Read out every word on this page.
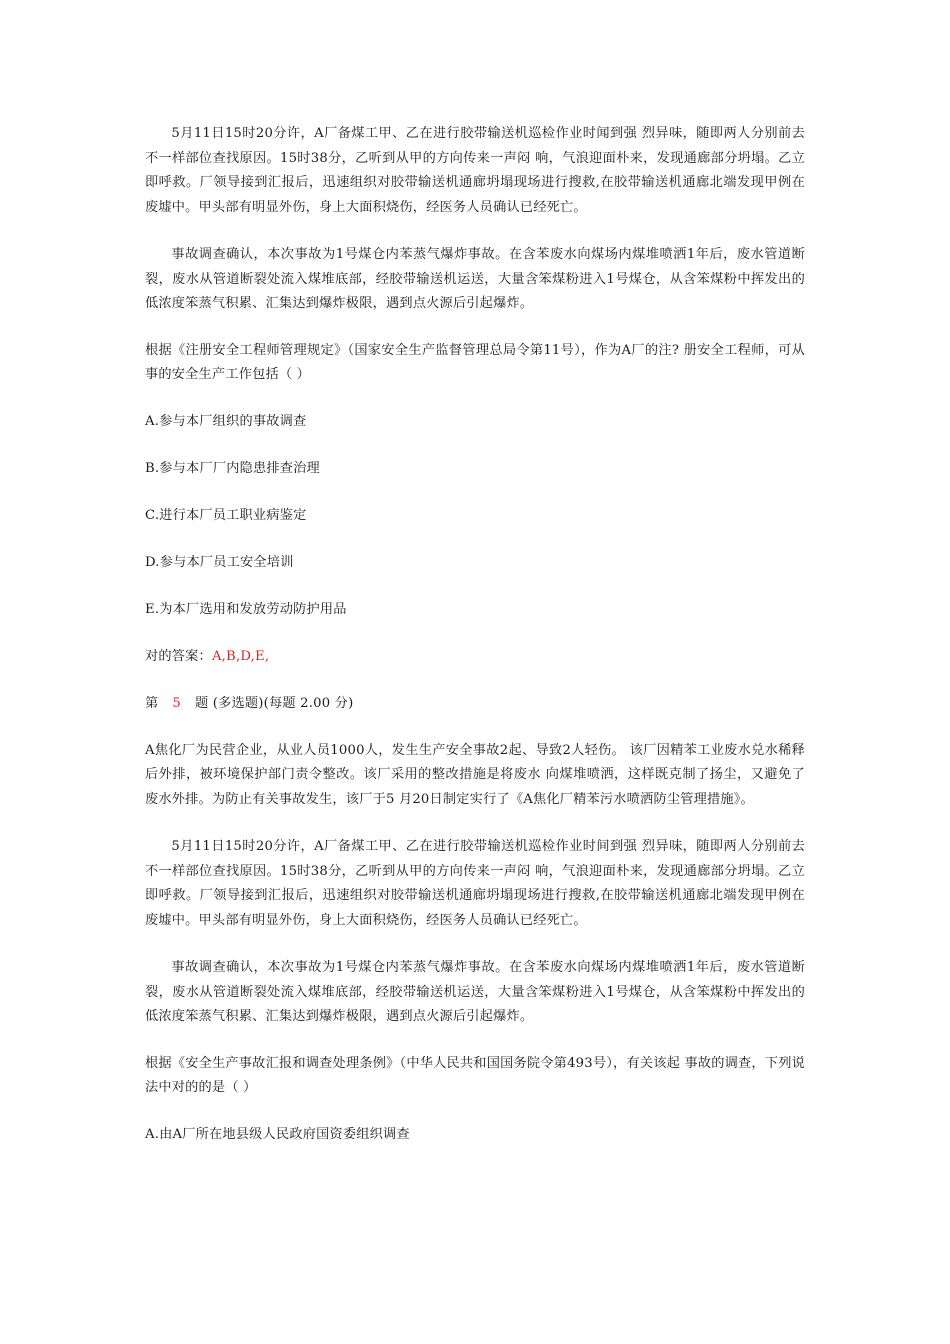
5月11日15时20分许，A厂备煤工甲、乙在进行胶带输送机巡检作业时闻到强 烈异味，随即两人分别前去不一样部位查找原因。15时38分，乙听到从甲的方向传来一声闷 响，气浪迎面朴来，发现通廊部分坍塌。乙立即呼救。厂领导接到汇报后，迅速组织对胶带输送机通廊坍塌现场进行搜救,在胶带输送机通廊北端发现甲例在废墟中。甲头部有明显外伤，身上大面积烧伤，经医务人员确认已经死亡。

事故调查确认，本次事故为1号煤仓内苯蒸气爆炸事故。在含苯废水向煤场内煤堆喷洒1年后，废水管道断裂，废水从管道断裂处流入煤堆底部，经胶带输送机运送，大量含笨煤粉进入1号煤仓，从含笨煤粉中挥发出的低浓度笨蒸气积累、汇集达到爆炸极限，遇到点火源后引起爆炸。

根据《注册安全工程师管理规定》（国家安全生产监督管理总局令第11号），作为A厂的注? 册安全工程师，可从事的安全生产工作包括（ ）

A.参与本厂组织的事故调查

B.参与本厂厂内隐患排查治理

C.进行本厂员工职业病鉴定

D.参与本厂员工安全培训

E.为本厂选用和发放劳动防护用品

对的答案：A,B,D,E,

第 5 题 (多选题)(每题 2.00 分)

A焦化厂为民营企业，从业人员1000人，发生生产安全事故2起、导致2人轻伤。 该厂因精苯工业废水兑水稀释后外排，被环境保护部门责令整改。该厂采用的整改措施是将废水 向煤堆喷洒，这样既克制了扬尘，又避免了废水外排。为防止有关事故发生，该厂于5 月20日制定实行了《A焦化厂精苯污水喷洒防尘管理措施》。

5月11日15时20分许，A厂备煤工甲、乙在进行胶带输送机巡检作业时间到强 烈异味，随即两人分别前去不一样部位查找原因。15时38分，乙听到从甲的方向传来一声闷 响，气浪迎面朴来，发现通廊部分坍塌。乙立即呼救。厂领导接到汇报后，迅速组织对胶带输送机通廊坍塌现场进行搜救,在胶带输送机通廊北端发现甲例在废墟中。甲头部有明显外伤，身上大面积烧伤，经医务人员确认已经死亡。

事故调查确认，本次事故为1号煤仓内苯蒸气爆炸事故。在含苯废水向煤场内煤堆喷洒1年后，废水管道断裂，废水从管道断裂处流入煤堆底部，经胶带输送机运送，大量含笨煤粉进入1号煤仓，从含笨煤粉中挥发出的低浓度笨蒸气积累、汇集达到爆炸极限，遇到点火源后引起爆炸。

根据《安全生产事故汇报和调查处理条例》（中华人民共和国国务院令第493号），有关该起 事故的调查，下列说法中对的的是（ ）

A.由A厂所在地县级人民政府国资委组织调查
